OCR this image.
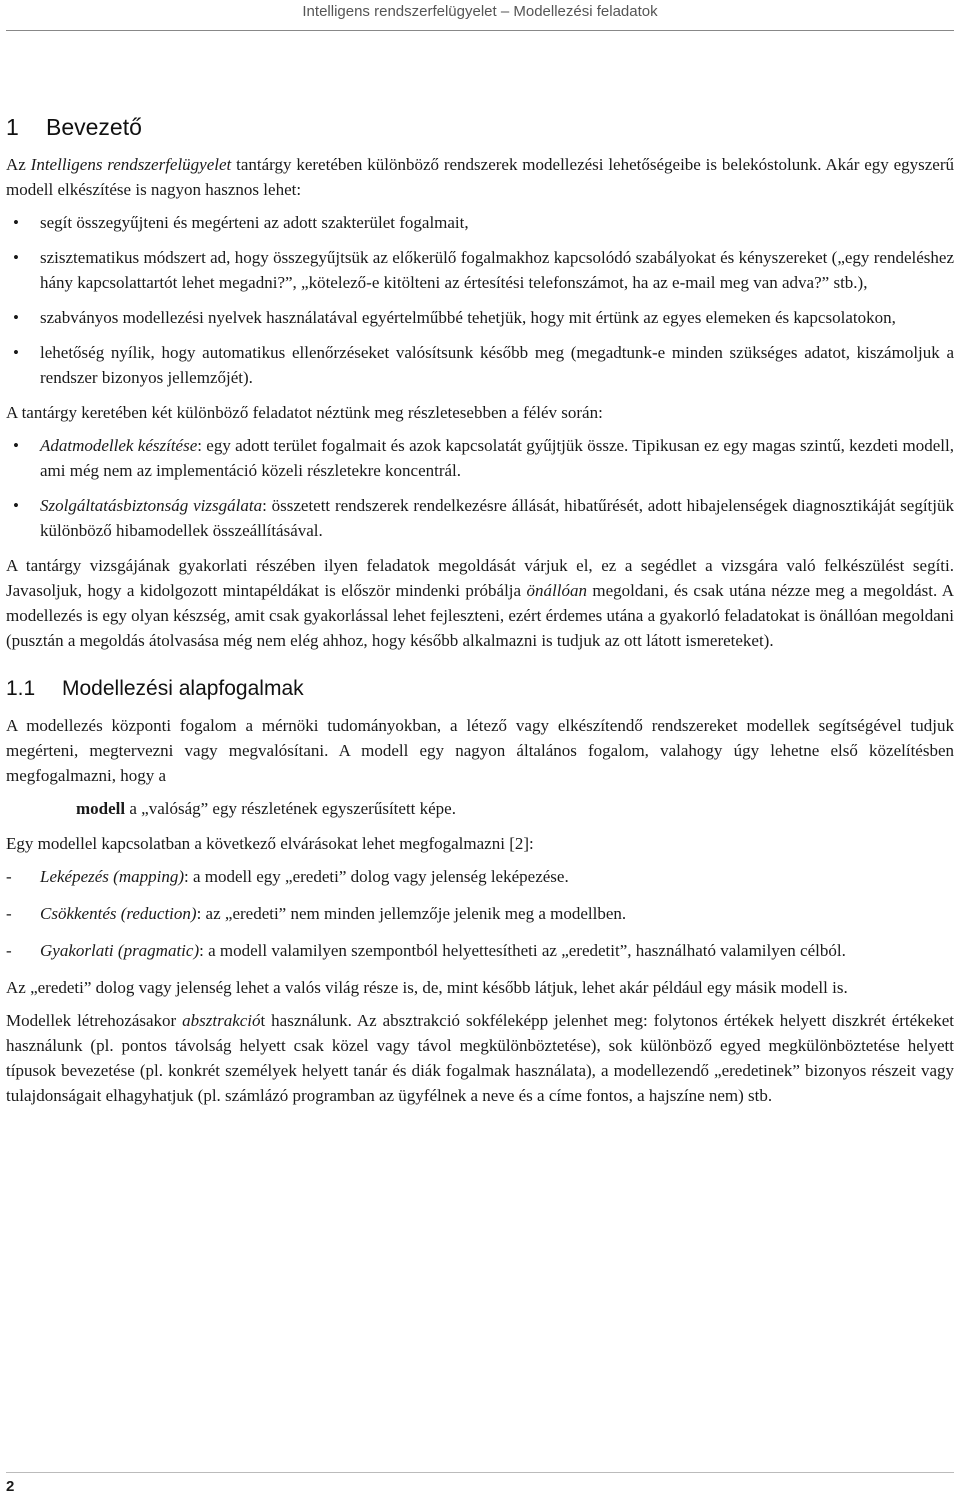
Intelligens rendszerfelügyelet – Modellezési feladatok
1 Bevezető

Az Intelligens rendszerfelügyelet tantárgy keretében különböző rendszerek modellezési lehetőségeibe is belekóstolunk. Akár egy egyszerű modell elkészítése is nagyon hasznos lehet:

•	segít összegyűjteni és megérteni az adott szakterület fogalmait,
•	szisztematikus módszert ad, hogy összegyűjtsük az előkerülő fogalmakhoz kapcsolódó szabályokat és kényszereket („egy rendeléshez hány kapcsolattartót lehet megadni?”, „kötelező-e kitölteni az értesítési telefonszámot, ha az e-mail meg van adva?” stb.),
•	szabványos modellezési nyelvek használatával egyértelműbbé tehetjük, hogy mit értünk az egyes elemeken és kapcsolatokon,
•	lehetőség nyílik, hogy automatikus ellenőrzéseket valósítsunk később meg (megadtunk-e minden szükséges adatot, kiszámoljuk a rendszer bizonyos jellemzőjét).

A tantárgy keretében két különböző feladatot néztünk meg részletesebben a félév során:

•	Adatmodellek készítése: egy adott terület fogalmait és azok kapcsolatát gyűjtjük össze. Tipikusan ez egy magas szintű, kezdeti modell, ami még nem az implementáció közeli részletekre koncentrál.
•	Szolgáltatásbiztonság vizsgálata: összetett rendszerek rendelkezésre állását, hibatűrését, adott hibajelenségek diagnosztikáját segítjük különböző hibamodellek összeállításával.

A tantárgy vizsgájának gyakorlati részében ilyen feladatok megoldását várjuk el, ez a segédlet a vizsgára való felkészülést segíti. Javasoljuk, hogy a kidolgozott mintapéldákat is először mindenki próbálja önállóan megoldani, és csak utána nézze meg a megoldást. A modellezés is egy olyan készség, amit csak gyakorlással lehet fejleszteni, ezért érdemes utána a gyakorló feladatokat is önállóan megoldani (pusztán a megoldás átolvasása még nem elég ahhoz, hogy később alkalmazni is tudjuk az ott látott ismereteket).

1.1 Modellezési alapfogalmak

A modellezés központi fogalom a mérnöki tudományokban, a létező vagy elkészítendő rendszereket modellek segítségével tudjuk megérteni, megtervezni vagy megvalósítani. A modell egy nagyon általános fogalom, valahogy úgy lehetne első közelítésben megfogalmazni, hogy a

modell a „valóság” egy részletének egyszerűsített képe.

Egy modellel kapcsolatban a következő elvárásokat lehet megfogalmazni [2]:

- Leképezés (mapping): a modell egy „eredeti” dolog vagy jelenség leképezése.
- Csökkentés (reduction): az „eredeti” nem minden jellemzője jelenik meg a modellben.
- Gyakorlati (pragmatic): a modell valamilyen szempontból helyettesítheti az „eredetit”, használható valamilyen célból.

Az „eredeti” dolog vagy jelenség lehet a valós világ része is, de, mint később látjuk, lehet akár például egy másik modell is.

Modellek létrehozásakor absztrakciót használunk. Az absztrakció sokféleképp jelenhet meg: folytonos értékek helyett diszkrét értékeket használunk (pl. pontos távolság helyett csak közel vagy távol megkülönböztetése), sok különböző egyed megkülönböztetése helyett típusok bevezetése (pl. konkrét személyek helyett tanár és diák fogalmak használata), a modellezendő „eredetinek” bizonyos részeit vagy tulajdonságait elhagyhatjuk (pl. számlázó programban az ügyfélnek a neve és a címe fontos, a hajszíne nem) stb.

2
